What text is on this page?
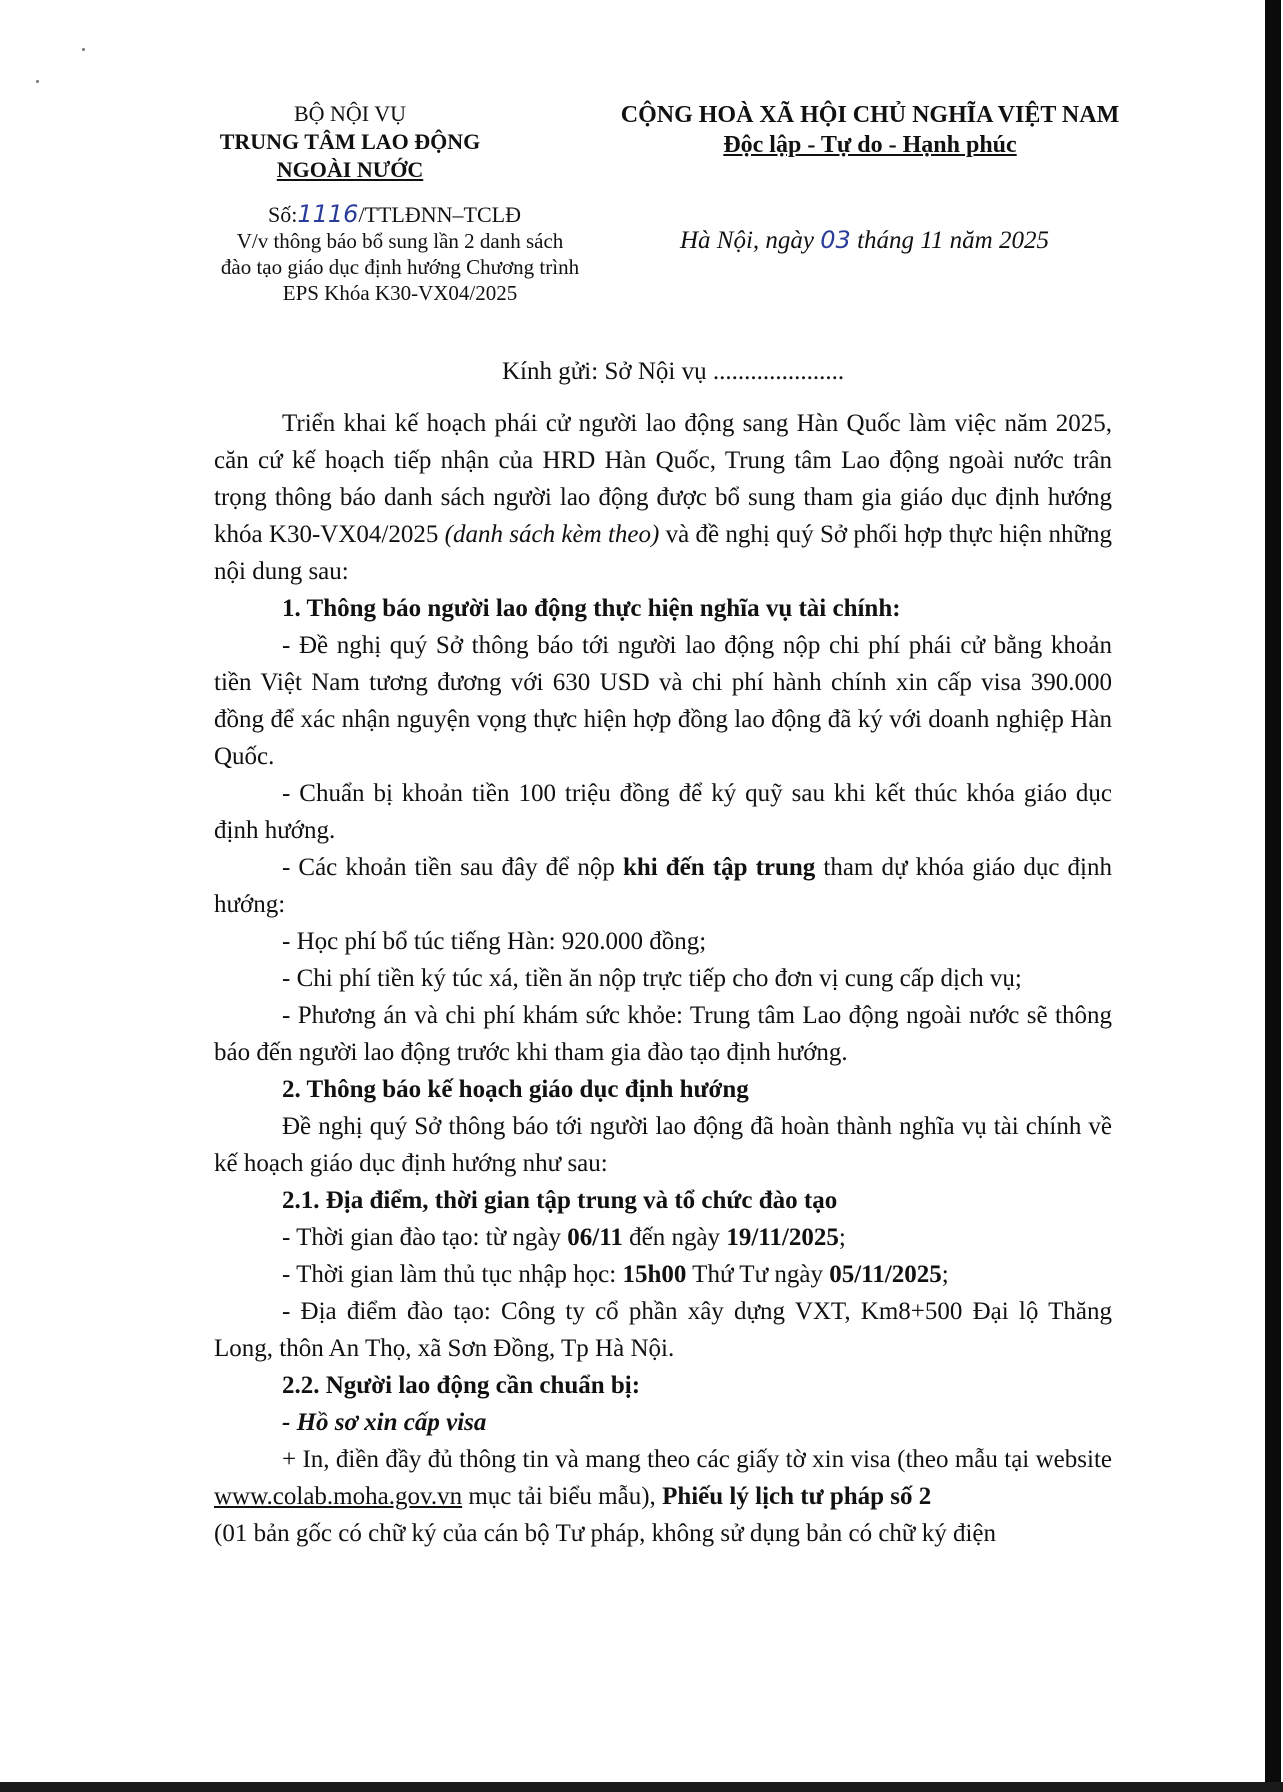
BỘ NỘI VỤ
TRUNG TÂM LAO ĐỘNG
NGOÀI NƯỚC
Số:1116/TTLĐNN–TCLĐ
V/v thông báo bổ sung lần 2 danh sách
đào tạo giáo dục định hướng Chương trình
EPS Khóa K30-VX04/2025
CỘNG HOÀ XÃ HỘI CHỦ NGHĨA VIỆT NAM
Độc lập - Tự do - Hạnh phúc
Hà Nội, ngày 03 tháng 11 năm 2025
Kính gửi: Sở Nội vụ .....................

Triển khai kế hoạch phái cử người lao động sang Hàn Quốc làm việc năm 2025, căn cứ kế hoạch tiếp nhận của HRD Hàn Quốc, Trung tâm Lao động ngoài nước trân trọng thông báo danh sách người lao động được bổ sung tham gia giáo dục định hướng khóa K30-VX04/2025 (danh sách kèm theo) và đề nghị quý Sở phối hợp thực hiện những nội dung sau:

1. Thông báo người lao động thực hiện nghĩa vụ tài chính:

- Đề nghị quý Sở thông báo tới người lao động nộp chi phí phái cử bằng khoản tiền Việt Nam tương đương với 630 USD và chi phí hành chính xin cấp visa 390.000 đồng để xác nhận nguyện vọng thực hiện hợp đồng lao động đã ký với doanh nghiệp Hàn Quốc.

- Chuẩn bị khoản tiền 100 triệu đồng để ký quỹ sau khi kết thúc khóa giáo dục định hướng.

- Các khoản tiền sau đây để nộp khi đến tập trung tham dự khóa giáo dục định hướng:

- Học phí bổ túc tiếng Hàn: 920.000 đồng;

- Chi phí tiền ký túc xá, tiền ăn nộp trực tiếp cho đơn vị cung cấp dịch vụ;

- Phương án và chi phí khám sức khỏe: Trung tâm Lao động ngoài nước sẽ thông báo đến người lao động trước khi tham gia đào tạo định hướng.

2. Thông báo kế hoạch giáo dục định hướng

Đề nghị quý Sở thông báo tới người lao động đã hoàn thành nghĩa vụ tài chính về kế hoạch giáo dục định hướng như sau:

2.1. Địa điểm, thời gian tập trung và tổ chức đào tạo

- Thời gian đào tạo: từ ngày 06/11 đến ngày 19/11/2025;

- Thời gian làm thủ tục nhập học: 15h00 Thứ Tư ngày 05/11/2025;

- Địa điểm đào tạo: Công ty cổ phần xây dựng VXT, Km8+500 Đại lộ Thăng Long, thôn An Thọ, xã Sơn Đồng, Tp Hà Nội.

2.2. Người lao động cần chuẩn bị:

- Hồ sơ xin cấp visa

+ In, điền đầy đủ thông tin và mang theo các giấy tờ xin visa (theo mẫu tại website www.colab.moha.gov.vn mục tải biểu mẫu), Phiếu lý lịch tư pháp số 2

(01 bản gốc có chữ ký của cán bộ Tư pháp, không sử dụng bản có chữ ký điện
